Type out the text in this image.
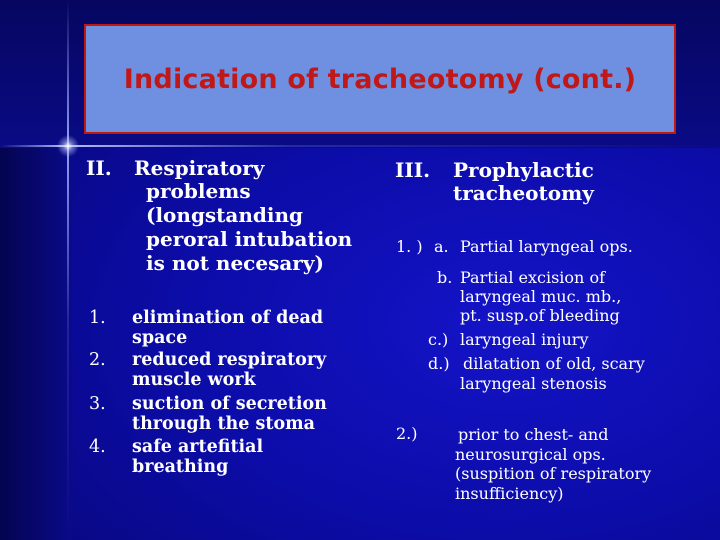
Indication of tracheotomy (cont.)
II. Respiratory
problems
(longstanding
peroral intubation
is not necesary)
1. elimination of dead
space
2. reduced respiratory
muscle work
3. suction of secretion
through the stoma
4. safe artefitial
breathing
III. Prophylactic
tracheotomy
1. ) a. Partial laryngeal ops.
b. Partial excision of
laryngeal muc. mb.,
pt. susp.of bleeding
c.) laryngeal injury
d.) dilatation of old, scary
laryngeal stenosis
2.)	prior to chest- and
neurosurgical ops.
(suspition of respiratory
insufficiency)
